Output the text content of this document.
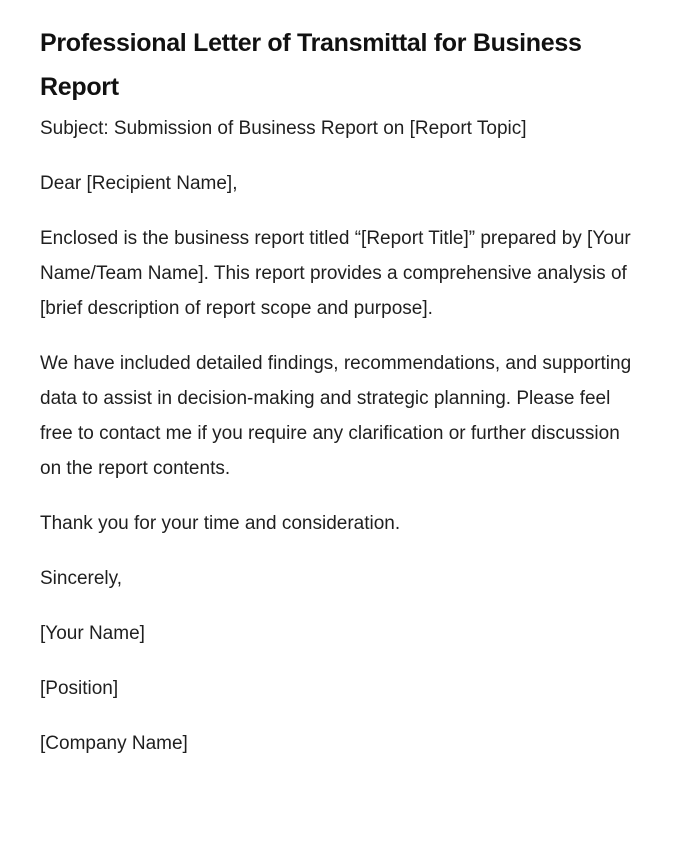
Professional Letter of Transmittal for Business Report

Subject: Submission of Business Report on [Report Topic]

Dear [Recipient Name],

Enclosed is the business report titled “[Report Title]” prepared by [Your Name/Team Name]. This report provides a comprehensive analysis of [brief description of report scope and purpose].

We have included detailed findings, recommendations, and supporting data to assist in decision-making and strategic planning. Please feel free to contact me if you require any clarification or further discussion on the report contents.

Thank you for your time and consideration.

Sincerely,

[Your Name]

[Position]

[Company Name]
